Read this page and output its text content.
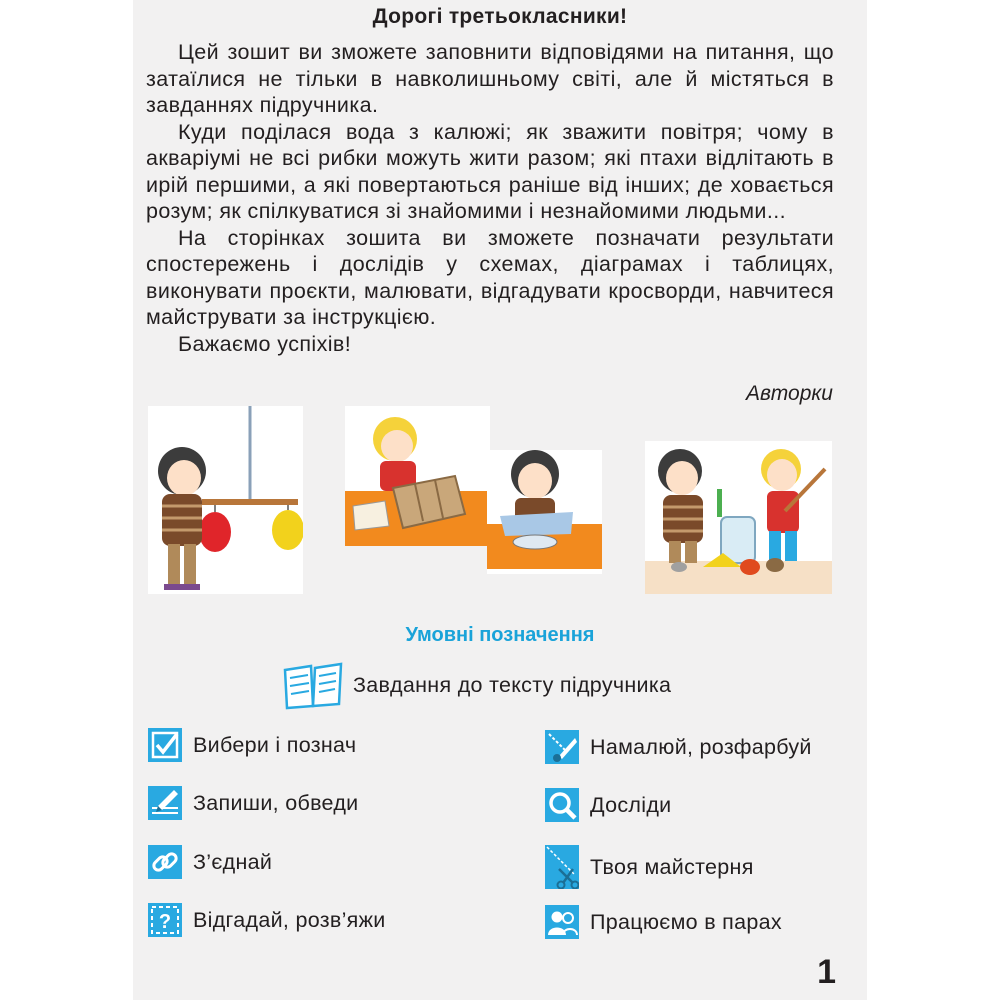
Дорогі третьокласники!

Цей зошит ви зможете заповнити відповідями на питання, що затаїлися не тільки в навколишньому світі, але й містяться в завданнях підручника.

Куди поділася вода з калюжі; як зважити повітря; чому в акваріумі не всі рибки можуть жити разом; які птахи відлітають в ирій першими, а які повертаються раніше від інших; де ховається розум; як спілкуватися зі знайомими і незнайомими людьми...

На сторінках зошита ви зможете позначати результати спостережень і дослідів у схемах, діаграмах і таблицях, виконувати проєкти, малювати, відгадувати кросворди, навчитеся майструвати за інструкцією.

Бажаємо успіхів!

Авторки
Умовні позначення
Завдання до тексту підручника
Вибери і познач
Запиши, обведи
З’єднай
? Відгадай, розв’яжи
Намалюй, розфарбуй
Досліди
Твоя майстерня
Працюємо в парах
1
